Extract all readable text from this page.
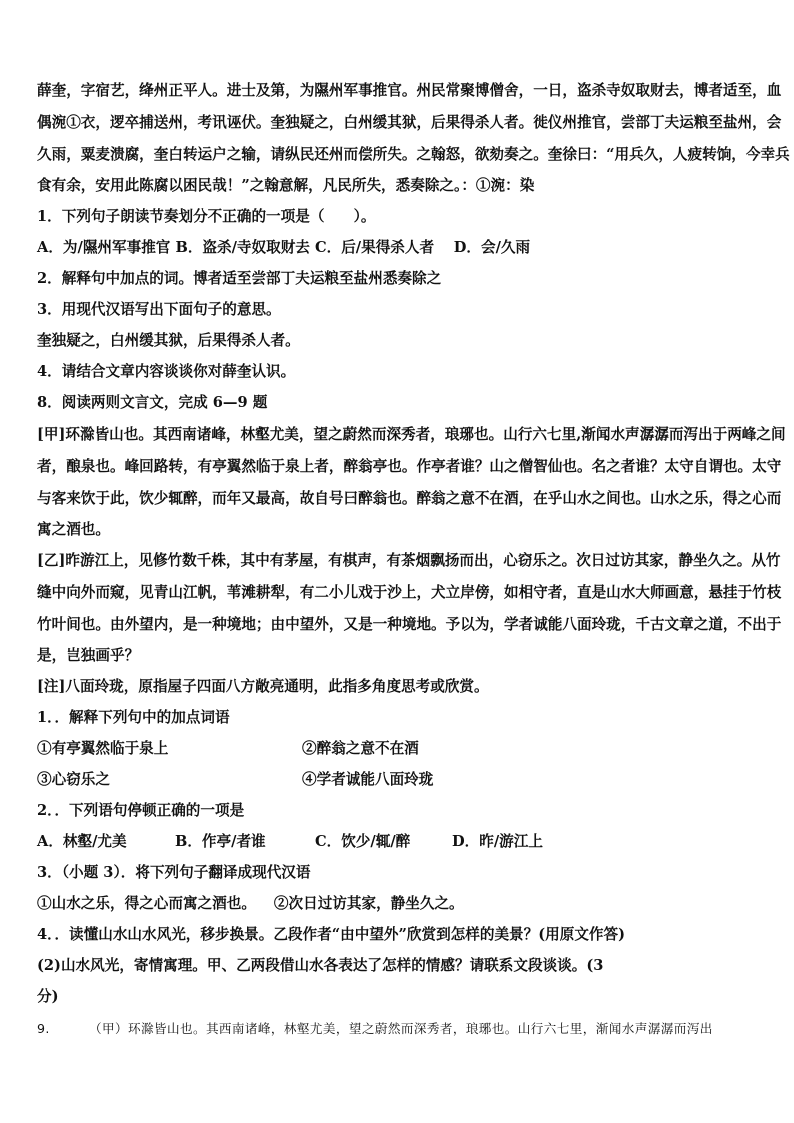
薛奎，字宿艺，绛州正平人。进士及第，为隰州军事推官。州民常聚博僧舍，一日，盗杀寺奴取财去，博者适至，血
偶涴①衣，逻卒捕送州，考讯诬伏。奎独疑之，白州缓其狱，后果得杀人者。徙仪州推官，尝部丁夫运粮至盐州，会
久雨，粟麦溃腐，奎白转运户之输，请纵民还州而偿所失。之翰怒，欲劾奏之。奎徐曰：“用兵久，人疲转饷，今幸兵
食有余，安用此陈腐以困民哉！”之翰意解，凡民所失，悉奏除之。：①涴：染
1．下列句子朗读节奏划分不正确的一项是（　　）。
A．为/隰州军事推官 B．盗杀/寺奴取财去 C．后/果得杀人者　 D．会/久雨
2．解释句中加点的词。博者适至尝部丁夫运粮至盐州悉奏除之
3．用现代汉语写出下面句子的意思。
奎独疑之，白州缓其狱，后果得杀人者。
4．请结合文章内容谈谈你对薛奎认识。
8．阅读两则文言文，完成 6—9 题
[甲]环滁皆山也。其西南诸峰，林壑尤美，望之蔚然而深秀者，琅琊也。山行六七里,渐闻水声潺潺而泻出于两峰之间
者，酿泉也。峰回路转，有亭翼然临于泉上者，醉翁亭也。作亭者谁？山之僧智仙也。名之者谁？太守自谓也。太守
与客来饮于此，饮少辄醉，而年又最高，故自号曰醉翁也。醉翁之意不在酒，在乎山水之间也。山水之乐，得之心而
寓之酒也。
[乙]昨游江上，见修竹数千株，其中有茅屋，有棋声，有茶烟飘扬而出，心窃乐之。次日过访其家，静坐久之。从竹
缝中向外而窥，见青山江帆，苇滩耕犁，有二小儿戏于沙上，犬立岸傍，如相守者，直是山水大师画意，悬挂于竹枝
竹叶间也。由外望内，是一种境地；由中望外，又是一种境地。予以为，学者诚能八面玲珑，千古文章之道，不出于
是，岂独画乎？
[注]八面玲珑，原指屋子四面八方敞亮通明，此指多角度思考或欣赏。
1．．解释下列句中的加点词语
①有亭翼然临于泉上	②醉翁之意不在酒
③心窃乐之	④学者诚能八面玲珑
2．．下列语句停顿正确的一项是
A．林壑/尤美	B．作亭/者谁	C．饮少/辄/醉	D．昨/游江上
3．（小题 3）．将下列句子翻译成现代汉语
①山水之乐，得之心而寓之酒也。 ②次日过访其家，静坐久之。
4．．读懂山水山水风光，移步换景。乙段作者“由中望外”欣赏到怎样的美景？(用原文作答)
(2)山水风光，寄情寓理。甲、乙两段借山水各表达了怎样的情感？请联系文段谈谈。(3
分)
9.	（甲）环滁皆山也。其西南诸峰，林壑尤美，望之蔚然而深秀者，琅琊也。山行六七里，渐闻水声潺潺而泻出
